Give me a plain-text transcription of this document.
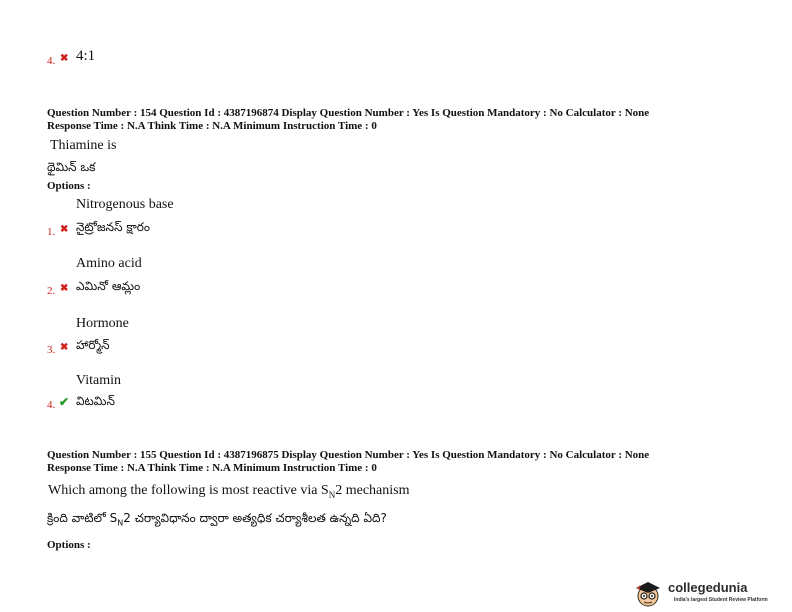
4. ✖ 4:1
Question Number : 154 Question Id : 4387196874 Display Question Number : Yes Is Question Mandatory : No Calculator : None
Response Time : N.A Think Time : N.A Minimum Instruction Time : 0
Thiamine is
థైమిన్ ఒక
Options :
Nitrogenous base
1. ✖ నైట్రోజనస్ క్షారం
Amino acid
2. ✖ ఎమినో ఆమ్లం
Hormone
3. ✖ హార్మోన్
Vitamin
4. ✔ విటమిన్
Question Number : 155 Question Id : 4387196875 Display Question Number : Yes Is Question Mandatory : No Calculator : None
Response Time : N.A Think Time : N.A Minimum Instruction Time : 0
Which among the following is most reactive via $S_N2$ mechanism
క్రింది వాటిలో $S_N2$ చర్యావిధానం ద్వారా అత్యధిక చర్యాశీలత ఉన్నది ఏది?
Options :
collegedunia
India's largest Student Review Platform
